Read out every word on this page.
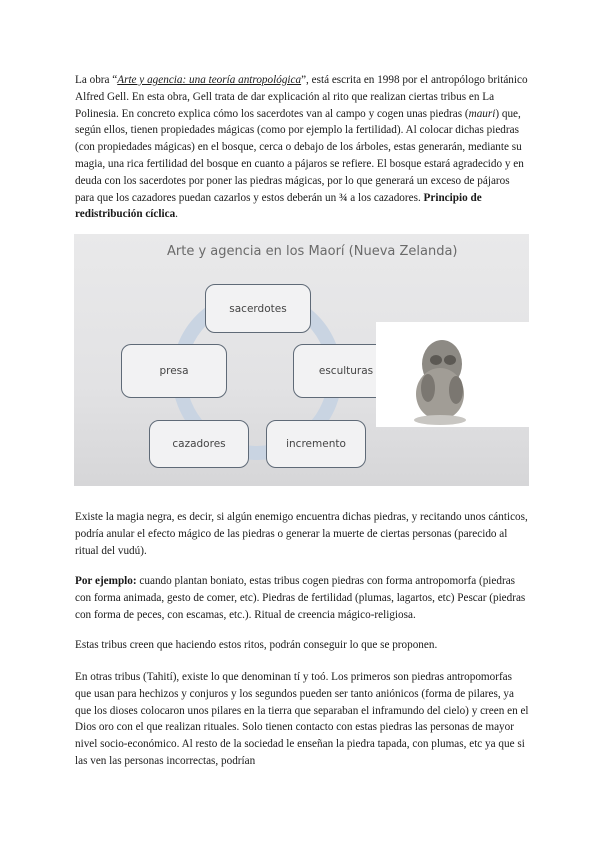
La obra “Arte y agencia: una teoría antropológica”, está escrita en 1998 por el antropólogo británico Alfred Gell. En esta obra, Gell trata de dar explicación al rito que realizan ciertas tribus en La Polinesia. En concreto explica cómo los sacerdotes van al campo y cogen unas piedras (mauri) que, según ellos, tienen propiedades mágicas (como por ejemplo la fertilidad). Al colocar dichas piedras (con propiedades mágicas) en el bosque, cerca o debajo de los árboles, estas generarán, mediante su magia, una rica fertilidad del bosque en cuanto a pájaros se refiere. El bosque estará agradecido y en deuda con los sacerdotes por poner las piedras mágicas, por lo que generará un exceso de pájaros para que los cazadores puedan cazarlos y estos deberán un ¾ a los cazadores. Principio de redistribución cíclica.

Arte y agencia en los Maorí (Nueva Zelanda)
sacerdotes
presa	esculturas
cazadores	incremento

Existe la magia negra, es decir, si algún enemigo encuentra dichas piedras, y recitando unos cánticos, podría anular el efecto mágico de las piedras o generar la muerte de ciertas personas (parecido al ritual del vudú).

Por ejemplo: cuando plantan boniato, estas tribus cogen piedras con forma antropomorfa (piedras con forma animada, gesto de comer, etc). Piedras de fertilidad (plumas, lagartos, etc) Pescar (piedras con forma de peces, con escamas, etc.). Ritual de creencia mágico-religiosa.

Estas tribus creen que haciendo estos ritos, podrán conseguir lo que se proponen.

En otras tribus (Tahití), existe lo que denominan tí y toó. Los primeros son piedras antropomorfas que usan para hechizos y conjuros y los segundos pueden ser tanto aniónicos (forma de pilares, ya que los dioses colocaron unos pilares en la tierra que separaban el inframundo del cielo) y creen en el Dios oro con el que realizan rituales. Solo tienen contacto con estas piedras las personas de mayor nivel socio-económico. Al resto de la sociedad le enseñan la piedra tapada, con plumas, etc ya que si las ven las personas incorrectas, podrían
